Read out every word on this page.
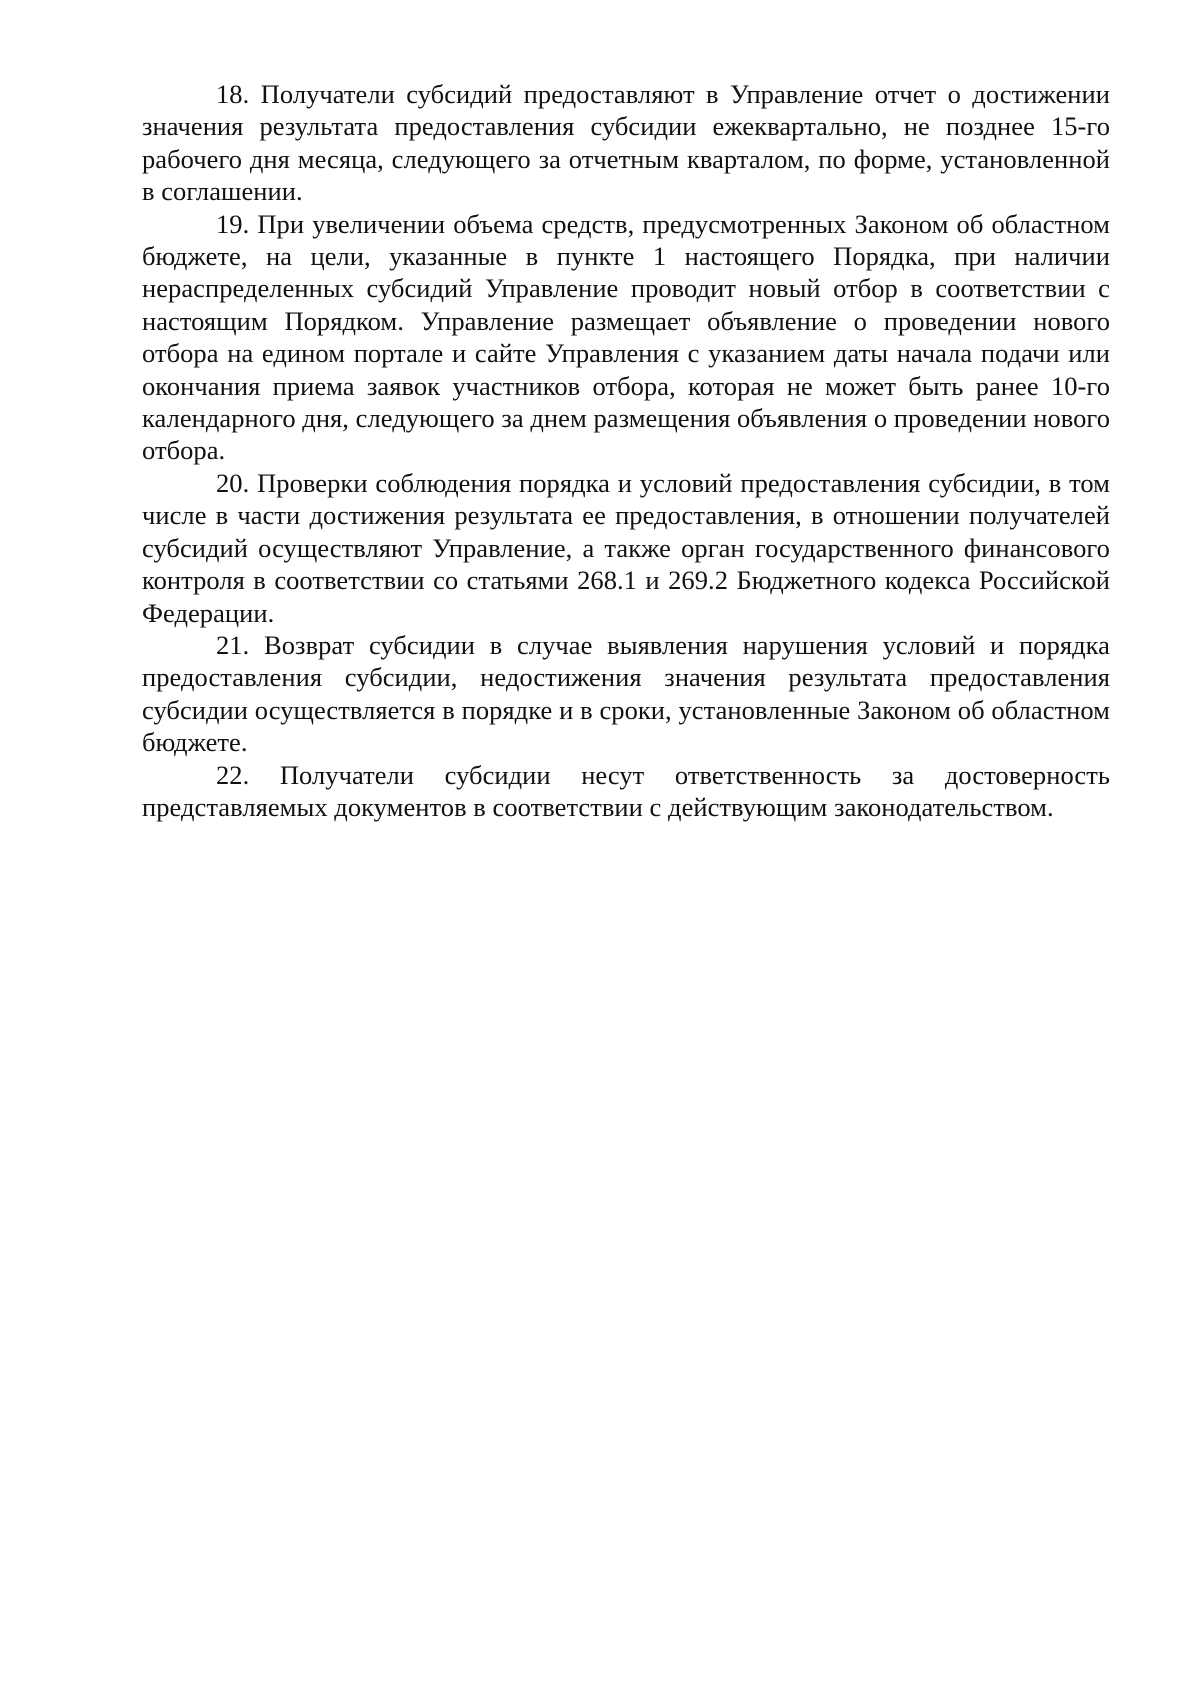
18. Получатели субсидий предоставляют в Управление отчет о достижении значения результата предоставления субсидии ежеквартально, не позднее 15-го рабочего дня месяца, следующего за отчетным кварталом, по форме, установленной в соглашении.

19. При увеличении объема средств, предусмотренных Законом об областном бюджете, на цели, указанные в пункте 1 настоящего Порядка, при наличии нераспределенных субсидий Управление проводит новый отбор в соответствии с настоящим Порядком. Управление размещает объявление о проведении нового отбора на едином портале и сайте Управления с указанием даты начала подачи или окончания приема заявок участников отбора, которая не может быть ранее 10-го календарного дня, следующего за днем размещения объявления о проведении нового отбора.

20. Проверки соблюдения порядка и условий предоставления субсидии, в том числе в части достижения результата ее предоставления, в отношении получателей субсидий осуществляют Управление, а также орган государственного финансового контроля в соответствии со статьями 268.1 и 269.2 Бюджетного кодекса Российской Федерации.

21. Возврат субсидии в случае выявления нарушения условий и порядка предоставления субсидии, недостижения значения результата предоставления субсидии осуществляется в порядке и в сроки, установленные Законом об областном бюджете.

22. Получатели субсидии несут ответственность за достоверность представляемых документов в соответствии с действующим законодательством.
